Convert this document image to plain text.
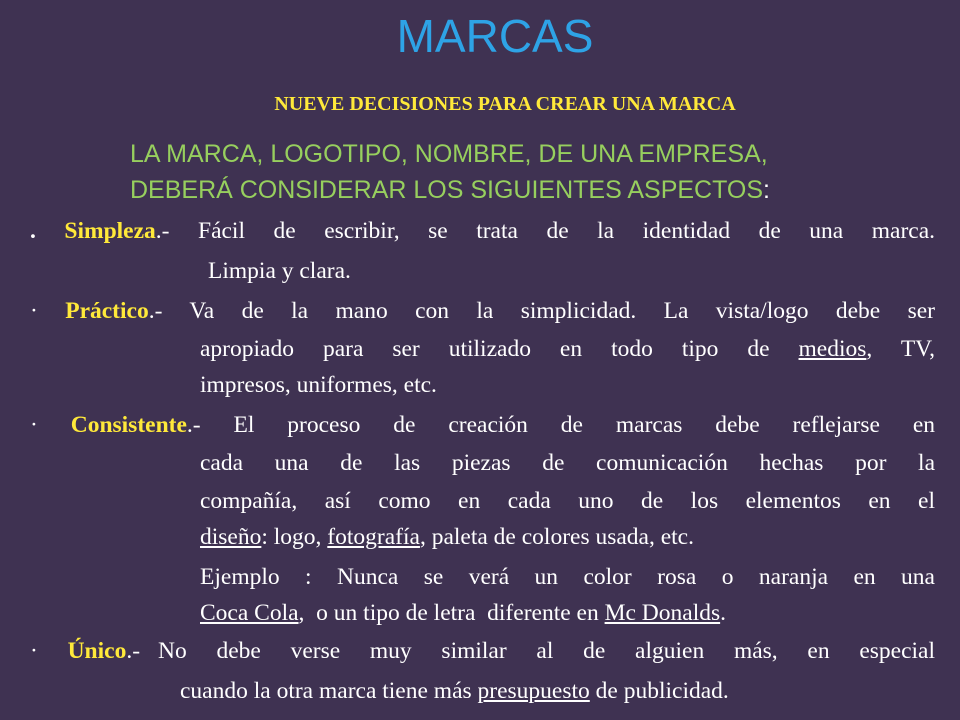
MARCAS
NUEVE DECISIONES PARA CREAR UNA MARCA
LA MARCA, LOGOTIPO, NOMBRE, DE UNA EMPRESA,
DEBERÁ CONSIDERAR LOS SIGUIENTES ASPECTOS:
. Simpleza.- Fácil de escribir, se trata de la identidad de una marca.
Limpia y clara.
· Práctico.- Va de la mano con la simplicidad. La vista/logo debe ser
apropiado para ser utilizado en todo tipo de medios, TV,
impresos, uniformes, etc.
· Consistente.- El proceso de creación de marcas debe reflejarse en
cada una de las piezas de comunicación hechas por la
compañía, así como en cada uno de los elementos en el
diseño: logo, fotografía, paleta de colores usada, etc.
Ejemplo : Nunca se verá un color rosa o naranja en una
Coca Cola,  o un tipo de letra  diferente en Mc Donalds.
· Único.- No debe verse muy similar al de alguien más, en especial
cuando la otra marca tiene más presupuesto de publicidad.
